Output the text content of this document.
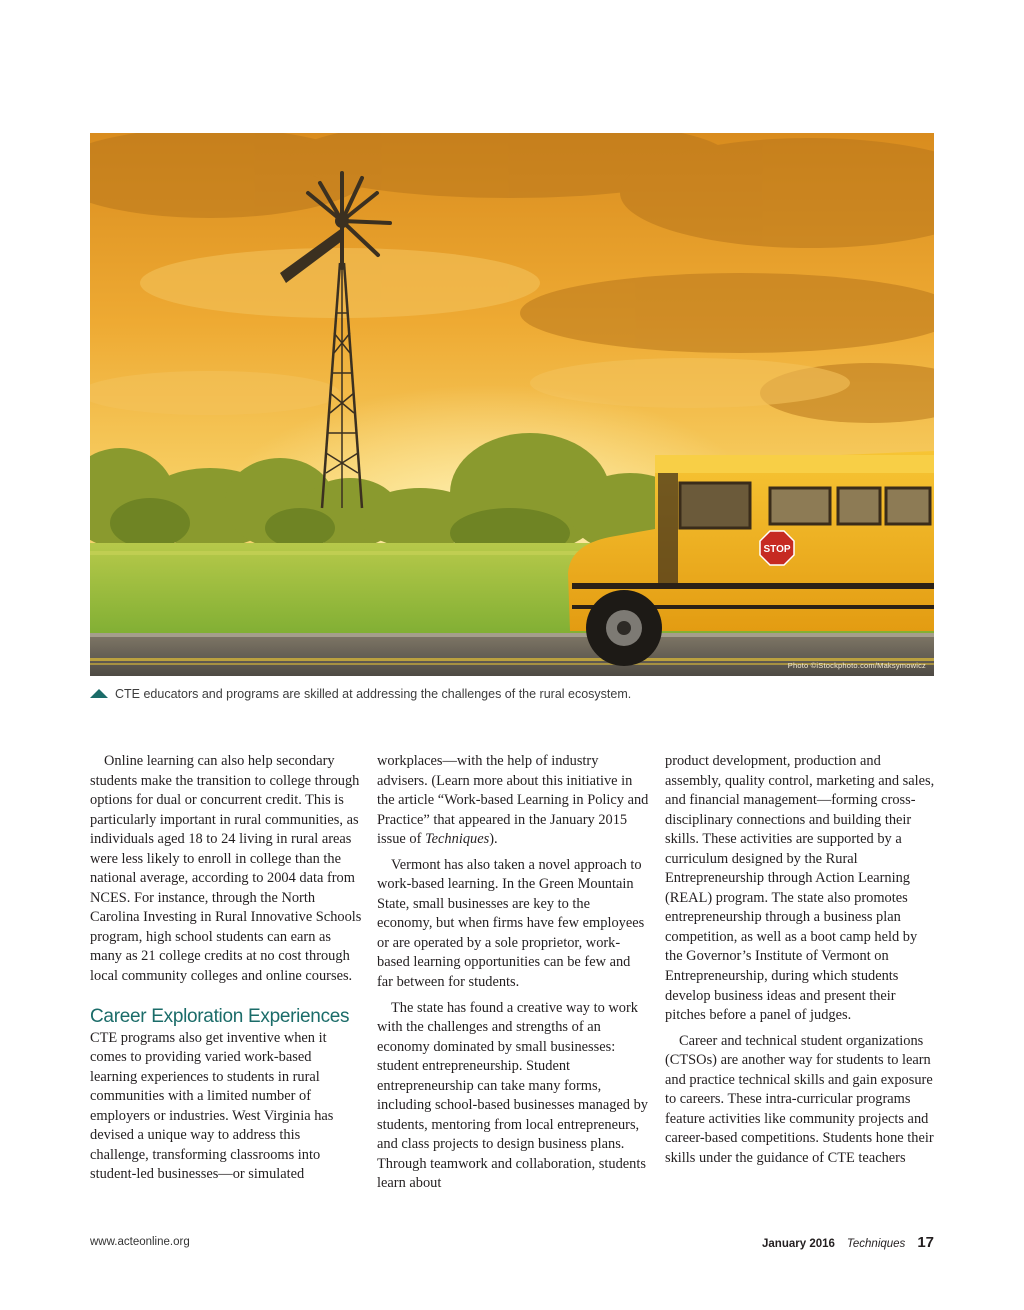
STOP
Photo ©iStockphoto.com/Maksymowicz
CTE educators and programs are skilled at addressing the challenges of the rural ecosystem.

Online learning can also help secondary students make the transition to college through options for dual or concurrent credit. This is particularly important in rural communities, as individuals aged 18 to 24 living in rural areas were less likely to enroll in college than the national average, according to 2004 data from NCES. For instance, through the North Carolina Investing in Rural Innovative Schools program, high school students can earn as many as 21 college credits at no cost through local community colleges and online courses.

Career Exploration Experiences

CTE programs also get inventive when it comes to providing varied work-based learning experiences to students in rural communities with a limited number of employers or industries. West Virginia has devised a unique way to address this challenge, transforming classrooms into student-led businesses—or simulated

workplaces—with the help of industry advisers. (Learn more about this initiative in the article “Work-based Learning in Policy and Practice” that appeared in the January 2015 issue of Techniques).

Vermont has also taken a novel approach to work-based learning. In the Green Mountain State, small businesses are key to the economy, but when firms have few employees or are operated by a sole proprietor, work-based learning opportunities can be few and far between for students.

The state has found a creative way to work with the challenges and strengths of an economy dominated by small businesses: student entrepreneurship. Student entrepreneurship can take many forms, including school-based businesses managed by students, mentoring from local entrepreneurs, and class projects to design business plans. Through teamwork and collaboration, students learn about

product development, production and assembly, quality control, marketing and sales, and financial management—forming cross-disciplinary connections and building their skills. These activities are supported by a curriculum designed by the Rural Entrepreneurship through Action Learning (REAL) program. The state also promotes entrepreneurship through a business plan competition, as well as a boot camp held by the Governor’s Institute of Vermont on Entrepreneurship, during which students develop business ideas and present their pitches before a panel of judges.

Career and technical student organizations (CTSOs) are another way for students to learn and practice technical skills and gain exposure to careers. These intra-curricular programs feature activities like community projects and career-based competitions. Students hone their skills under the guidance of CTE teachers

www.acteonline.org	January 2016 Techniques 17
